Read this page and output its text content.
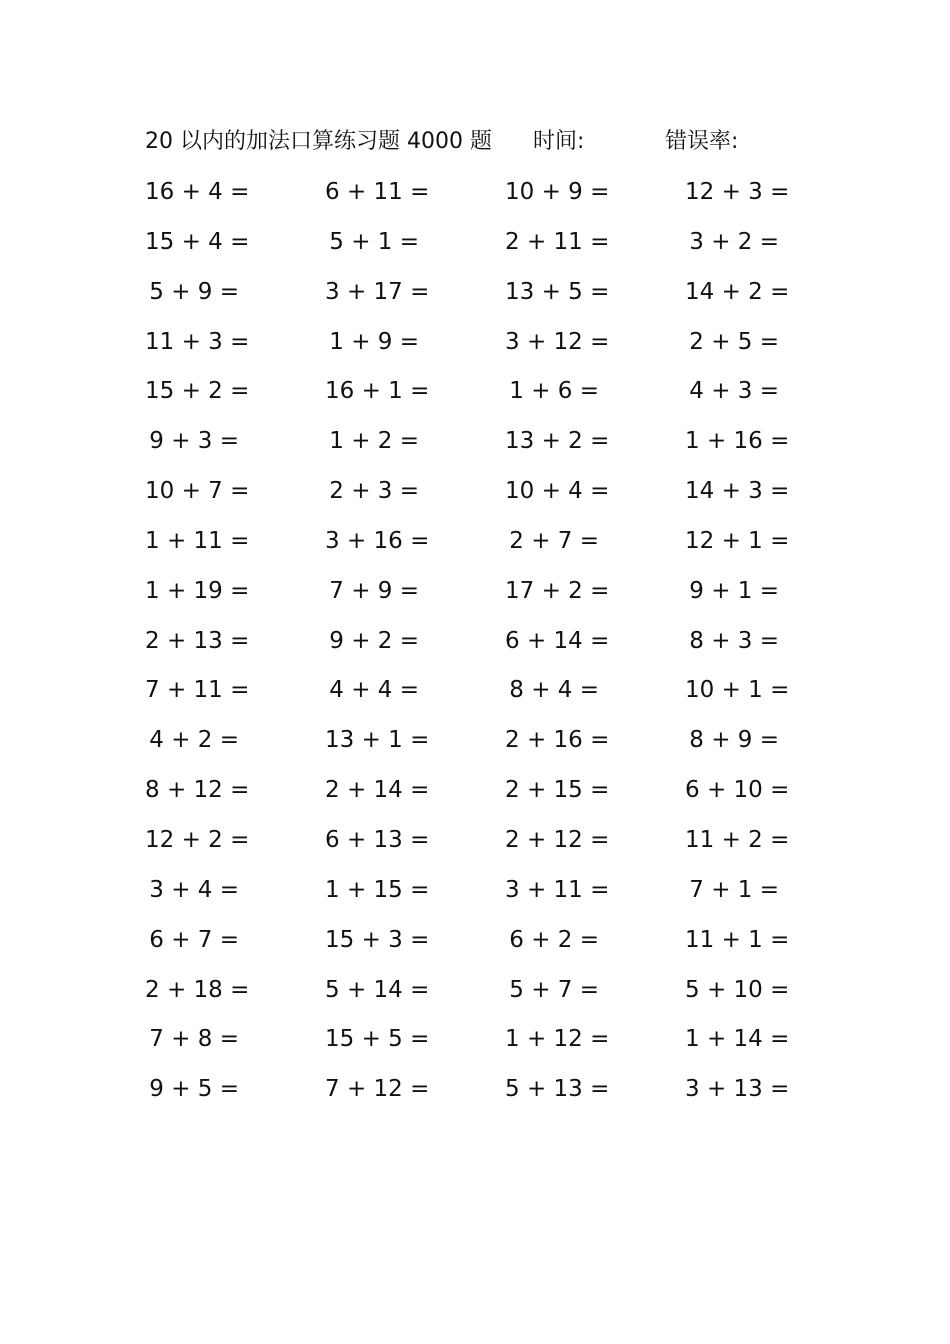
20 以内的加法口算练习题 4000 题 时间:	错误率:
16 + 4 =	6 + 11 =	10 + 9 =	12 + 3 =
15 + 4 =	5 + 1 =	2 + 11 =	3 + 2 =
5 + 9 =	3 + 17 =	13 + 5 =	14 + 2 =
11 + 3 =	1 + 9 =	3 + 12 =	2 + 5 =
15 + 2 =	16 + 1 =	1 + 6 =	4 + 3 =
9 + 3 =	1 + 2 =	13 + 2 =	1 + 16 =
10 + 7 =	2 + 3 =	10 + 4 =	14 + 3 =
1 + 11 =	3 + 16 =	2 + 7 =	12 + 1 =
1 + 19 =	7 + 9 =	17 + 2 =	9 + 1 =
2 + 13 =	9 + 2 =	6 + 14 =	8 + 3 =
7 + 11 =	4 + 4 =	8 + 4 =	10 + 1 =
4 + 2 =	13 + 1 =	2 + 16 =	8 + 9 =
8 + 12 =	2 + 14 =	2 + 15 =	6 + 10 =
12 + 2 =	6 + 13 =	2 + 12 =	11 + 2 =
3 + 4 =	1 + 15 =	3 + 11 =	7 + 1 =
6 + 7 =	15 + 3 =	6 + 2 =	11 + 1 =
2 + 18 =	5 + 14 =	5 + 7 =	5 + 10 =
7 + 8 =	15 + 5 =	1 + 12 =	1 + 14 =
9 + 5 =	7 + 12 =	5 + 13 =	3 + 13 =
